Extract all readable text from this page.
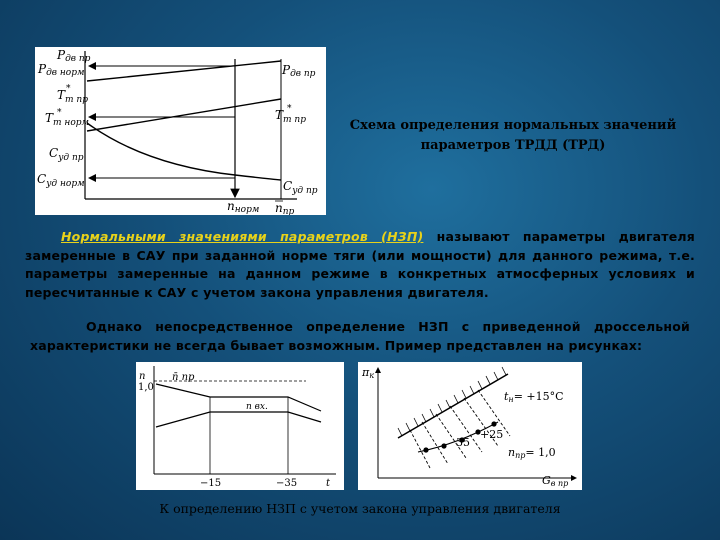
Pдв пр
Pдв норм
$T_{т пр}$
$T_{т норм}$
$C_{уд пр}$
$C_{уд норм}$
Pдв пр
$T_{т пр}$
$C_{уд пр}$
*
*	*
nнорм nпр
Схема определения нормальных значений параметров ТРДД (ТРД)
Нормальными значениями параметров (НЗП) называют параметры двигателя замеренные в САУ при заданной норме тяги (или мощности) для данного режима, т.е. параметры замеренные на данном режиме в конкретных атмосферных условиях и пересчитанные к САУ с учетом закона управления двигателя.
Однако непосредственное определение НЗП с приведенной дроссельной характеристики не всегда бывает возможным. Пример представлен на рисунках:
n
1,0
n̄ пр
n вх.
−15	−35	t
πк
tн= +15°C
35
+25
nпр= 1,0
Gв пр
К определению НЗП с учетом закона управления двигателя
